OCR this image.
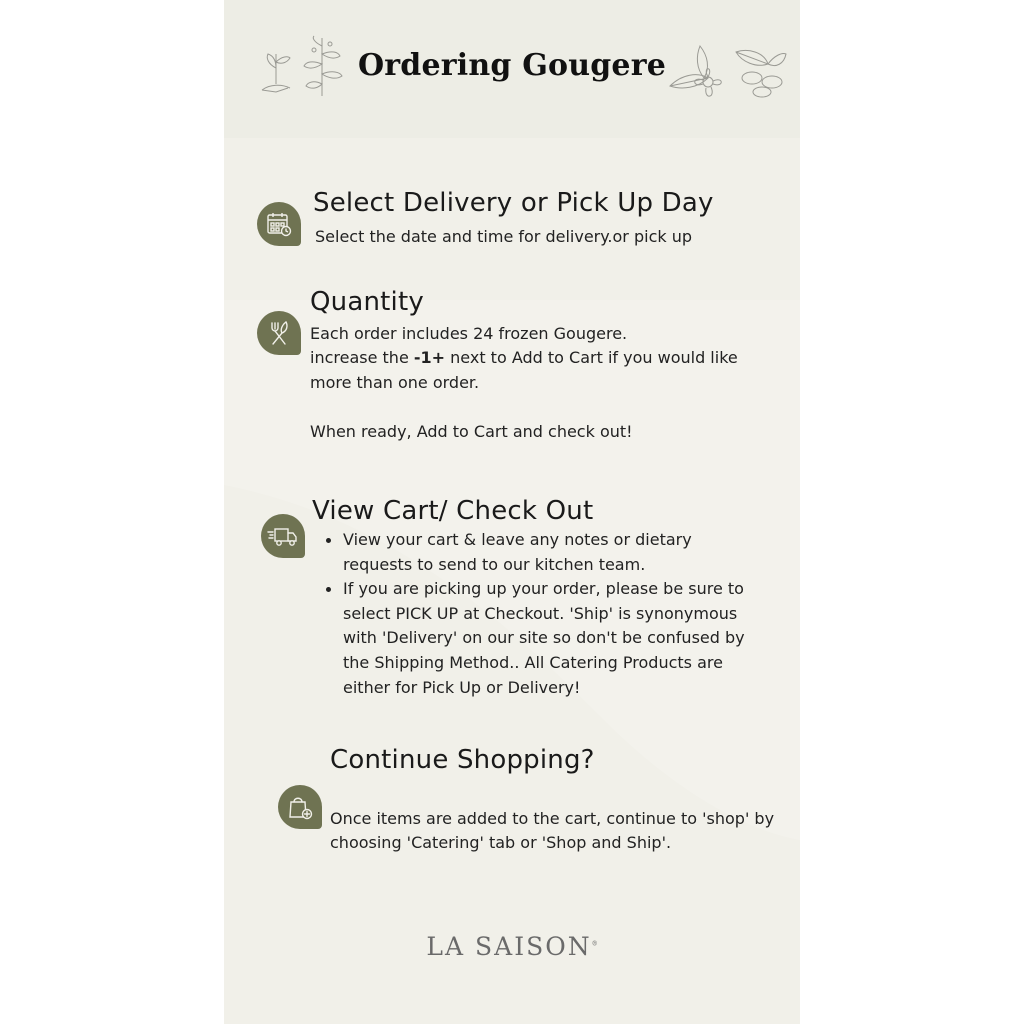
Ordering Gougere
Select Delivery or Pick Up Day
Select the date and time for delivery.or pick up
Quantity
Each order includes 24 frozen Gougere.
increase the -1+ next to Add to Cart if you would like
more than one order.
When ready, Add to Cart and check out!
View Cart/ Check Out
View your cart & leave any notes or dietary
requests to send to our kitchen team.
If you are picking up your order, please be sure to
select PICK UP at Checkout. 'Ship' is synonymous
with 'Delivery' on our site so don't be confused by
the Shipping Method.. All Catering Products are
either for Pick Up or Delivery!
Continue Shopping?
Once items are added to the cart, continue to 'shop' by
choosing 'Catering' tab or 'Shop and Ship'.
LA SAISON®
